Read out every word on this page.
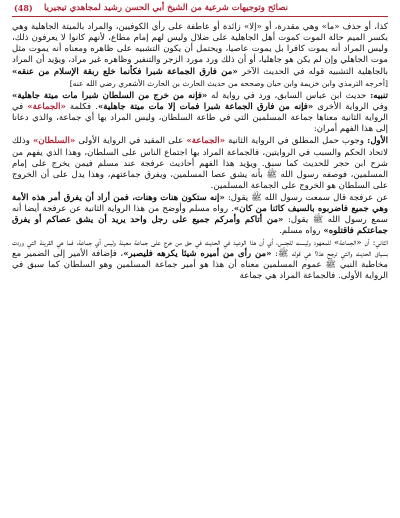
نصائح وتوجيهات شرعية من الشيخ أبي الحسن رشيد لمجاهدي تيجيريا
(48)

كذا، أو حذف «ما» وهي مقدرة، أو «إلا» زائدة أو عاطفة على رأي الكوفيين، والمراد بالميتة الجاهلية وهي بكسر الميم حالة الموت كموت أهل الجاهلية على ضلال وليس لهم إمام مطاع، لأنهم كانوا لا يعرفون ذلك، وليس المراد أنه يموت كافرا بل يموت عاصيا، ويحتمل أن يكون التشبيه على ظاهره ومعناه أنه يموت مثل موت الجاهلي وإن لم يكن هو جاهليا، أو أن ذلك ورد مورد الزجر والتنفير وظاهره غير مراد، ويؤيد أن المراد بالجاهلية التشبيه قوله في الحديث الآخر «من فارق الجماعة شبرا فكأنما خلع ربقة الإسلام من عنقه» [أخرجه الترمذي وابن خزيمة وابن حبان وصححه من حديث الحارث بن الحارث الأشعري رضي الله عنه]

تنبيه: حديث ابن عباس السابق، ورد في رواية له «فإنه من خرج من السلطان شبرا مات ميتة جاهلية» وفي الرواية الأخرى «فإنه من فارق الجماعة شبرا فمات إلا مات ميتة جاهلية». فكلمة «الجماعة» في الرواية الثانية معناها جماعة المسلمين التي في طاعة السلطان، وليس المراد بها أي جماعة، والذي دعانا إلى هذا الفهم أمران:

الأول: وجوب حمل المطلق في الرواية الثانية «الجماعة» على المقيد في الرواية الأولى «السلطان» وذلك لاتحاد الحكم والسبب في الروايتين، فالجماعة المراد بها اجتماع الناس على السلطان، وهذا الذي يفهم من شرح ابن حجر للحديث كما سبق. ويؤيد هذا الفهم أحاديث عرفجة عند مسلم فيمن يخرج على إمام المسلمين، فوصفه رسول الله ﷺ بأنه يشق عصا المسلمين، ويفرق جماعتهم، وهذا يدل على أن الخروج على السلطان هو الخروج على الجماعة المسلمين.

عن عرفجة قال سمعت رسول الله ﷺ يقول: «إنه ستكون هنات وهنات، فمن أراد أن يفرق أمر هذه الأمة وهي جميع فاضربوه بالسيف كائنا من كان». رواه مسلم وأوضح من هذا الرواية الثانية عن عرفجة أيضا أنه سمع رسول الله ﷺ يقول: «من أتاكم وأمركم جميع على رجل واحد يريد أن يشق عصاكم أو يفرق جماعتكم فاقتلوه» رواه مسلم.

الثاني: أن «الجماعة» للمعهود وليست للجنس، أي أن هذا الوعيد في الحديث في حق من خرج على جماعة معينة وليس أي جماعة، فما هي القرينة التي وردت بسياق الحديث والتي ترجح هذا؟ هي قوله ﷺ: «من رأى من أميره شيئا يكرهه فليصبر»، فإضافة الأمير إلى الضمير مع مخاطبة النبي ﷺ عموم المسلمين معناه أن هذا هو أمير جماعة المسلمين وهو السلطان كما سبق في الرواية الأولى. فالجماعة المراد هي جماعة
